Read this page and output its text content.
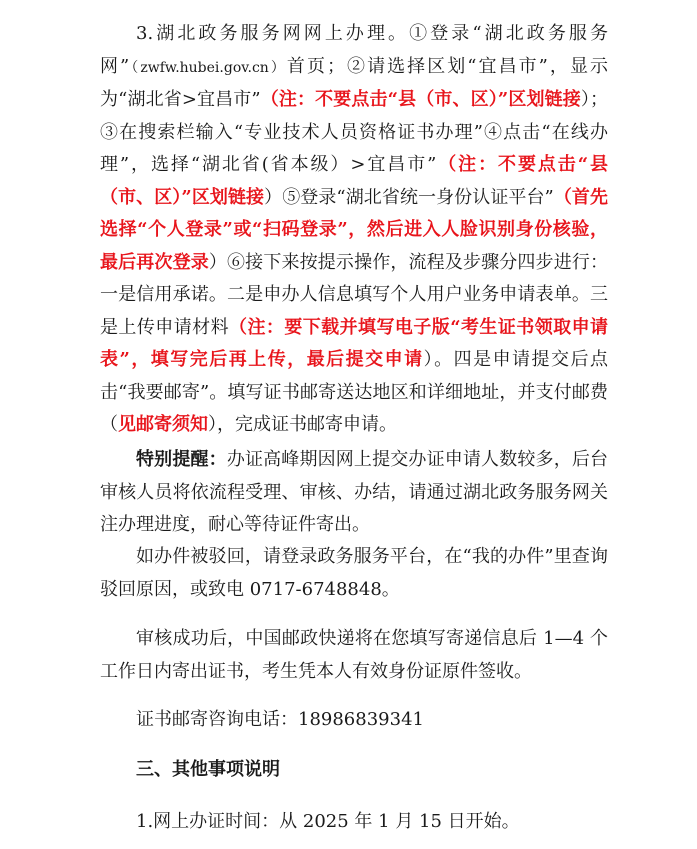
3.湖北政务服务网网上办理。①登录“湖北政务服务网”（zwfw.hubei.gov.cn）首页；②请选择区划“宜昌市”，显示为“湖北省>宜昌市”（注：不要点击“县（市、区）”区划链接）；③在搜索栏输入“专业技术人员资格证书办理”④点击“在线办理”，选择“湖北省(省本级）>宜昌市”（注：不要点击“县（市、区）”区划链接）⑤登录“湖北省统一身份认证平台”（首先选择“个人登录”或“扫码登录”，然后进入人脸识别身份核验，最后再次登录）⑥接下来按提示操作，流程及步骤分四步进行：一是信用承诺。二是申办人信息填写个人用户业务申请表单。三是上传申请材料（注：要下载并填写电子版“考生证书领取申请表”，填写完后再上传，最后提交申请）。四是申请提交后点击“我要邮寄”。填写证书邮寄送达地区和详细地址，并支付邮费（见邮寄须知），完成证书邮寄申请。

特别提醒：办证高峰期因网上提交办证申请人数较多，后台审核人员将依流程受理、审核、办结，请通过湖北政务服务网关注办理进度，耐心等待证件寄出。

如办件被驳回，请登录政务服务平台，在“我的办件”里查询驳回原因，或致电 0717-6748848。

审核成功后，中国邮政快递将在您填写寄递信息后 1—4 个工作日内寄出证书，考生凭本人有效身份证原件签收。

证书邮寄咨询电话：18986839341

三、其他事项说明

1.网上办证时间：从 2025 年 1 月 15 日开始。
